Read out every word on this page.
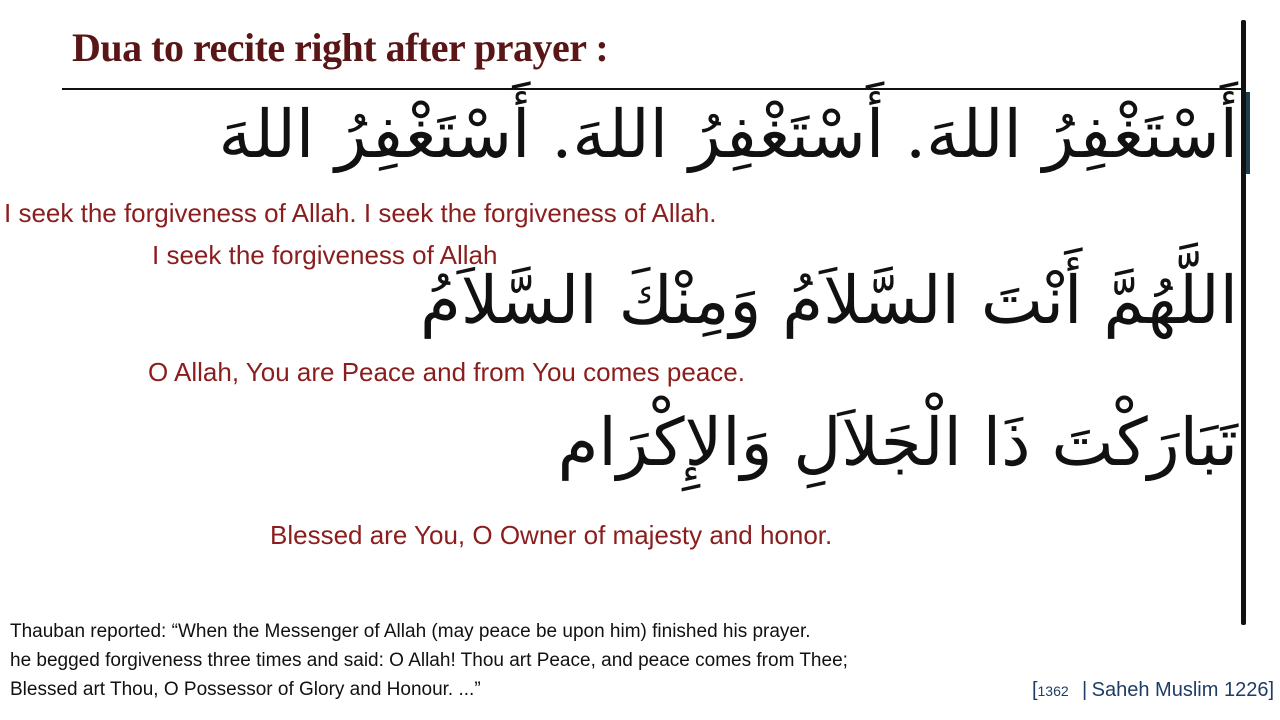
Dua to recite right after prayer :
أَسْتَغْفِرُ اللهَ. أَسْتَغْفِرُ اللهَ. أَسْتَغْفِرُ اللهَ
I seek the forgiveness of Allah. I seek the forgiveness of Allah.
I seek the forgiveness of Allah
اللَّهُمَّ أَنْتَ السَّلاَمُ وَمِنْكَ السَّلاَمُ
O Allah, You are Peace and from You comes peace.
تَبَارَكْتَ ذَا الْجَلاَلِ وَالإِكْرَام
Blessed are You, O Owner of majesty and honor.
Thauban reported: “When the Messenger of Allah (may peace be upon him) finished his prayer.
he begged forgiveness three times and said: O Allah! Thou art Peace, and peace comes from Thee;
Blessed art Thou, O Possessor of Glory and Honour. ...”	[1362 | Saheh Muslim 1226]
